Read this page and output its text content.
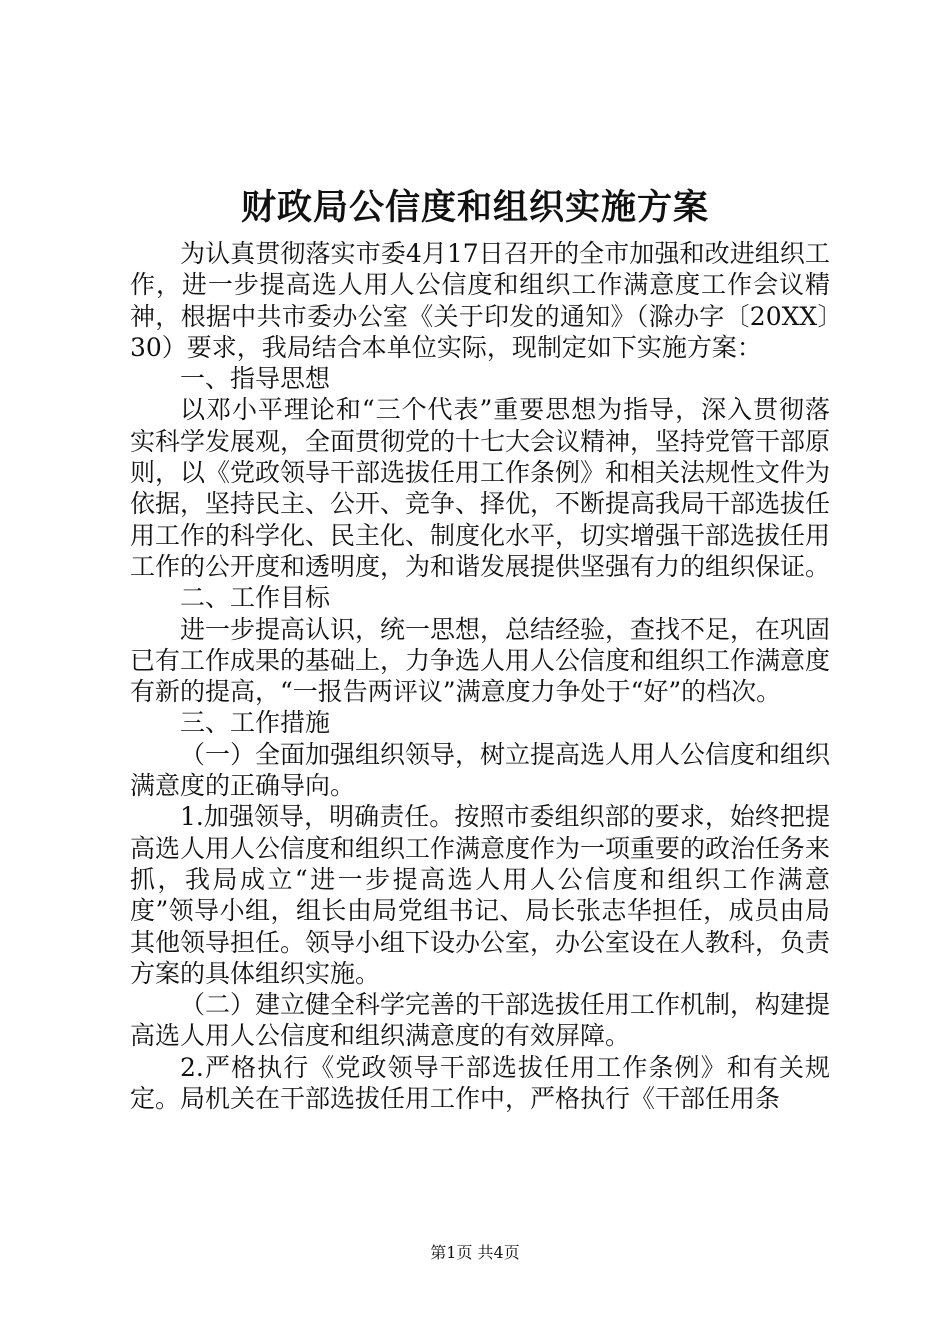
财政局公信度和组织实施方案

为认真贯彻落实市委4月17日召开的全市加强和改进组织工作，进一步提高选人用人公信度和组织工作满意度工作会议精神，根据中共市委办公室《关于印发的通知》（滁办字〔20XX〕30）要求，我局结合本单位实际，现制定如下实施方案：

一、指导思想

以邓小平理论和“三个代表”重要思想为指导，深入贯彻落实科学发展观，全面贯彻党的十七大会议精神，坚持党管干部原则，以《党政领导干部选拔任用工作条例》和相关法规性文件为依据，坚持民主、公开、竞争、择优，不断提高我局干部选拔任用工作的科学化、民主化、制度化水平，切实增强干部选拔任用工作的公开度和透明度，为和谐发展提供坚强有力的组织保证。

二、工作目标

进一步提高认识，统一思想，总结经验，查找不足，在巩固已有工作成果的基础上，力争选人用人公信度和组织工作满意度有新的提高，“一报告两评议”满意度力争处于“好”的档次。

三、工作措施

（一）全面加强组织领导，树立提高选人用人公信度和组织满意度的正确导向。

1.加强领导，明确责任。按照市委组织部的要求，始终把提高选人用人公信度和组织工作满意度作为一项重要的政治任务来抓，我局成立“进一步提高选人用人公信度和组织工作满意度”领导小组，组长由局党组书记、局长张志华担任，成员由局其他领导担任。领导小组下设办公室，办公室设在人教科，负责方案的具体组织实施。

（二）建立健全科学完善的干部选拔任用工作机制，构建提高选人用人公信度和组织满意度的有效屏障。

2.严格执行《党政领导干部选拔任用工作条例》和有关规定。局机关在干部选拔任用工作中，严格执行《干部任用条

第1页 共4页
